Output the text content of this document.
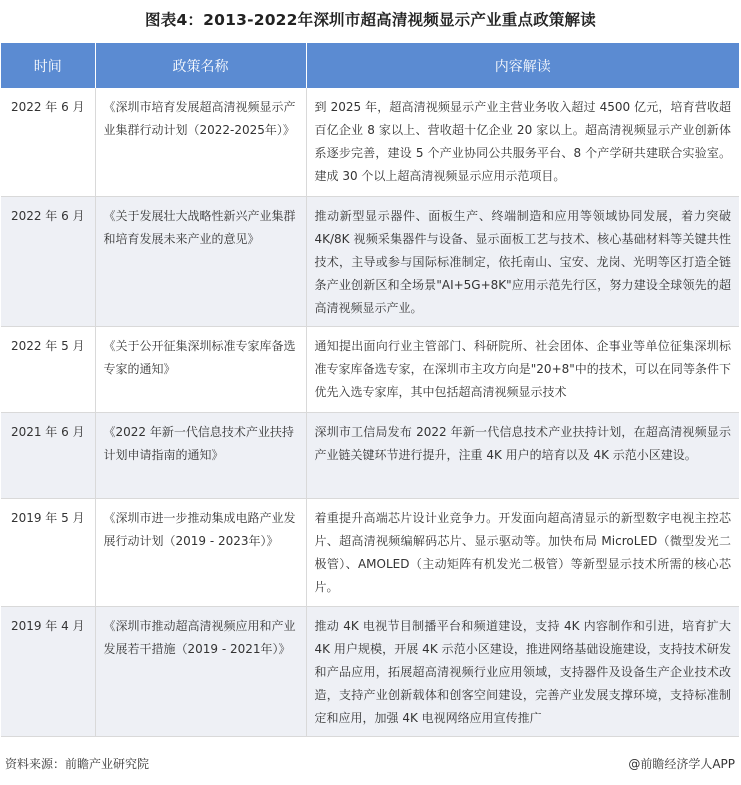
图表4：2013-2022年深圳市超高清视频显示产业重点政策解读
时间	政策名称	内容解读
2022 年 6 月	《深圳市培育发展超高清视频显示产业集群行动计划（2022-2025年）》	到 2025 年，超高清视频显示产业主营业务收入超过 4500 亿元，培育营收超百亿企业 8 家以上、营收超十亿企业 20 家以上。超高清视频显示产业创新体系逐步完善，建设 5 个产业协同公共服务平台、8 个产学研共建联合实验室。建成 30 个以上超高清视频显示应用示范项目。
2022 年 6 月	《关于发展壮大战略性新兴产业集群和培育发展未来产业的意见》	推动新型显示器件、面板生产、终端制造和应用等领域协同发展，着力突破 4K/8K 视频采集器件与设备、显示面板工艺与技术、核心基础材料等关键共性技术，主导或参与国际标准制定，依托南山、宝安、龙岗、光明等区打造全链条产业创新区和全场景"AI+5G+8K"应用示范先行区，努力建设全球领先的超高清视频显示产业。
2022 年 5 月	《关于公开征集深圳标准专家库备选专家的通知》	通知提出面向行业主管部门、科研院所、社会团体、企事业等单位征集深圳标准专家库备选专家，在深圳市主攻方向是"20+8"中的技术，可以在同等条件下优先入选专家库，其中包括超高清视频显示技术
2021 年 6 月	《2022 年新一代信息技术产业扶持计划申请指南的通知》	深圳市工信局发布 2022 年新一代信息技术产业扶持计划，在超高清视频显示产业链关键环节进行提升，注重 4K 用户的培育以及 4K 示范小区建设。
2019 年 5 月	《深圳市进一步推动集成电路产业发展行动计划（2019 - 2023年）》	着重提升高端芯片设计业竞争力。开发面向超高清显示的新型数字电视主控芯片、超高清视频编解码芯片、显示驱动等。加快布局 MicroLED（微型发光二极管）、AMOLED（主动矩阵有机发光二极管）等新型显示技术所需的核心芯片。
2019 年 4 月	《深圳市推动超高清视频应用和产业发展若干措施（2019 - 2021年）》	推动 4K 电视节目制播平台和频道建设，支持 4K 内容制作和引进，培育扩大 4K 用户规模，开展 4K 示范小区建设，推进网络基础设施建设，支持技术研发和产品应用，拓展超高清视频行业应用领域，支持器件及设备生产企业技术改造，支持产业创新载体和创客空间建设，完善产业发展支撑环境，支持标准制定和应用，加强 4K 电视网络应用宣传推广
资料来源：前瞻产业研究院	@前瞻经济学人APP
